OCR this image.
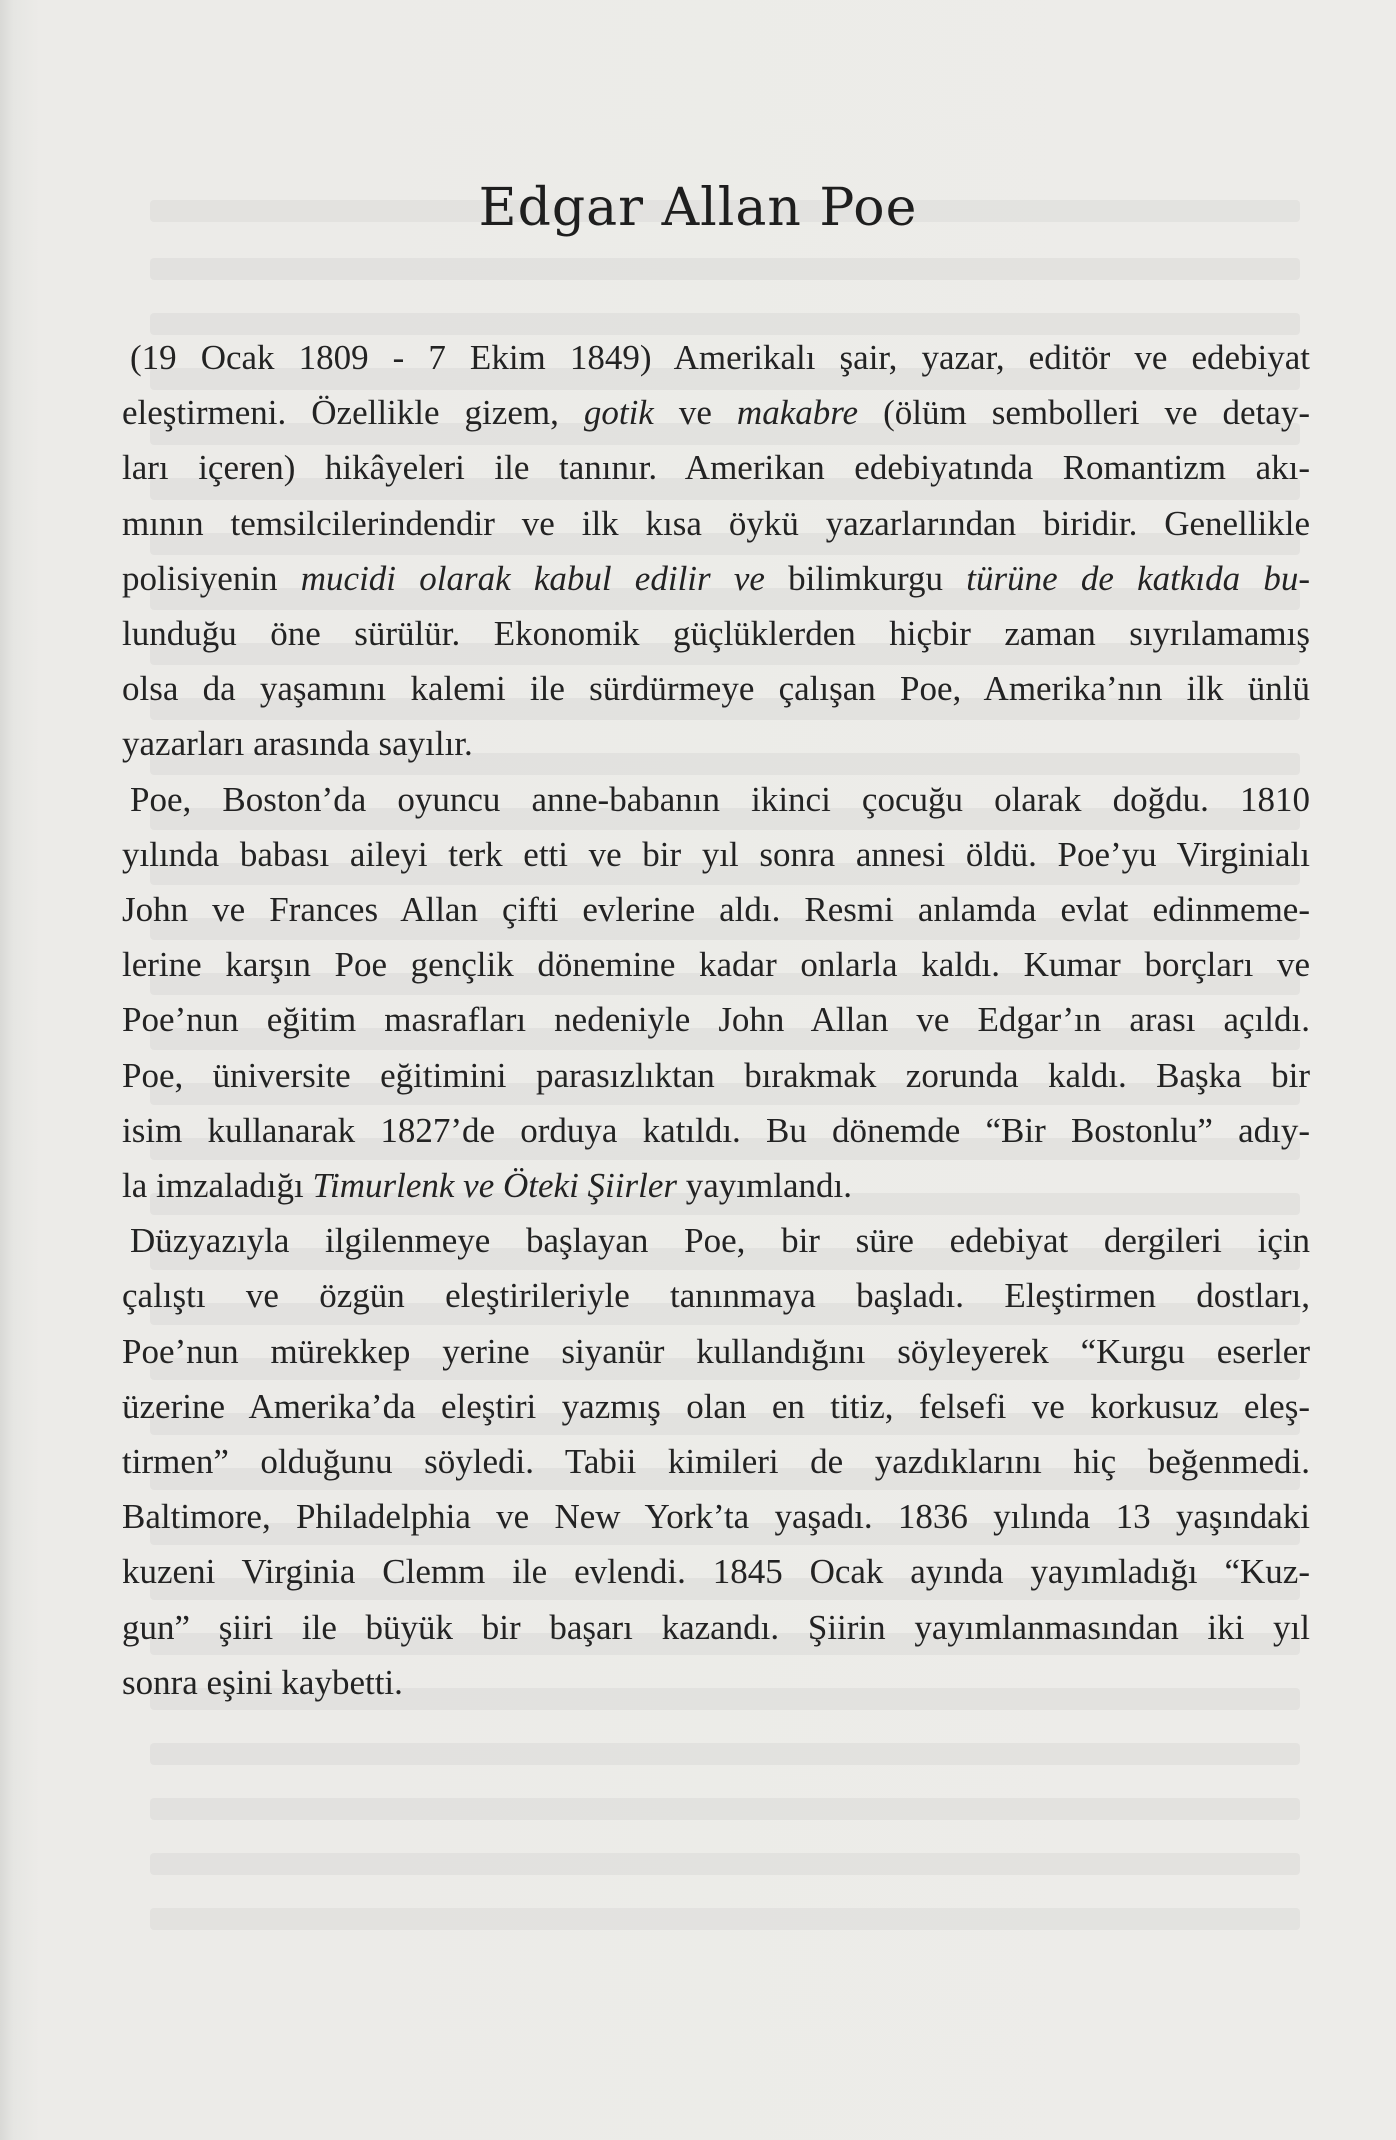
Edgar Allan Poe
(19 Ocak 1809 - 7 Ekim 1849) Amerikalı şair, yazar, editör ve edebiyat
eleştirmeni. Özellikle gizem, gotik ve makabre (ölüm sembolleri ve detay-
ları içeren) hikâyeleri ile tanınır. Amerikan edebiyatında Romantizm akı-
mının temsilcilerindendir ve ilk kısa öykü yazarlarından biridir. Genellikle
polisiyenin mucidi olarak kabul edilir ve bilimkurgu türüne de katkıda bu-
lunduğu öne sürülür. Ekonomik güçlüklerden hiçbir zaman sıyrılamamış
olsa da yaşamını kalemi ile sürdürmeye çalışan Poe, Amerika’nın ilk ünlü
yazarları arasında sayılır.
Poe, Boston’da oyuncu anne-babanın ikinci çocuğu olarak doğdu. 1810
yılında babası aileyi terk etti ve bir yıl sonra annesi öldü. Poe’yu Virginialı
John ve Frances Allan çifti evlerine aldı. Resmi anlamda evlat edinmeme-
lerine karşın Poe gençlik dönemine kadar onlarla kaldı. Kumar borçları ve
Poe’nun eğitim masrafları nedeniyle John Allan ve Edgar’ın arası açıldı.
Poe, üniversite eğitimini parasızlıktan bırakmak zorunda kaldı. Başka bir
isim kullanarak 1827’de orduya katıldı. Bu dönemde “Bir Bostonlu” adıy-
la imzaladığı Timurlenk ve Öteki Şiirler yayımlandı.
Düzyazıyla ilgilenmeye başlayan Poe, bir süre edebiyat dergileri için
çalıştı ve özgün eleştirileriyle tanınmaya başladı. Eleştirmen dostları,
Poe’nun mürekkep yerine siyanür kullandığını söyleyerek “Kurgu eserler
üzerine Amerika’da eleştiri yazmış olan en titiz, felsefi ve korkusuz eleş-
tirmen” olduğunu söyledi. Tabii kimileri de yazdıklarını hiç beğenmedi.
Baltimore, Philadelphia ve New York’ta yaşadı. 1836 yılında 13 yaşındaki
kuzeni Virginia Clemm ile evlendi. 1845 Ocak ayında yayımladığı “Kuz-
gun” şiiri ile büyük bir başarı kazandı. Şiirin yayımlanmasından iki yıl
sonra eşini kaybetti.
